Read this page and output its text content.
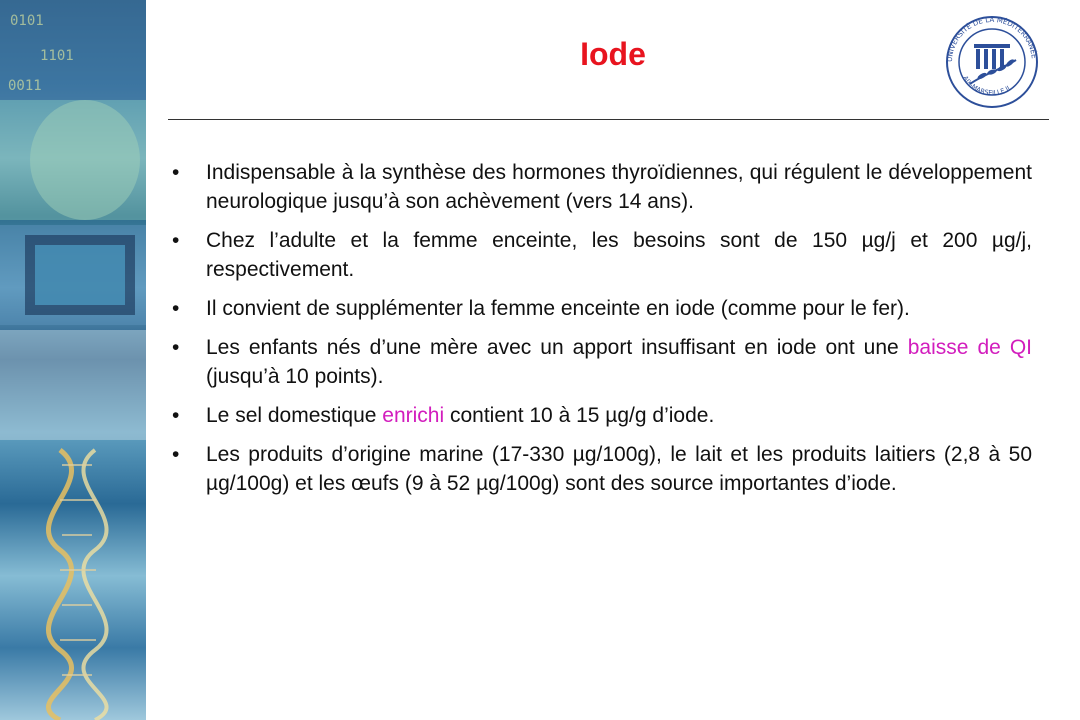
0101
1101
0011
UNIVERSITÉ DE LA MÉDITERRANÉE
AIX-MARSEILLE II
Iode
• Indispensable à la synthèse des hormones thyroïdiennes, qui régulent le développement neurologique jusqu’à son achèvement (vers 14 ans).
• Chez l’adulte et la femme enceinte, les besoins sont de 150 µg/j et 200 µg/j, respectivement.
• Il convient de supplémenter la femme enceinte en iode (comme pour le fer).
• Les enfants nés d’une mère avec un apport insuffisant en iode ont une baisse de QI (jusqu’à 10 points).
• Le sel domestique enrichi contient 10 à 15 µg/g d’iode.
• Les produits d’origine marine (17-330 µg/100g), le lait et les produits laitiers (2,8 à 50 µg/100g) et les œufs (9 à 52 µg/100g) sont des source importantes d’iode.
